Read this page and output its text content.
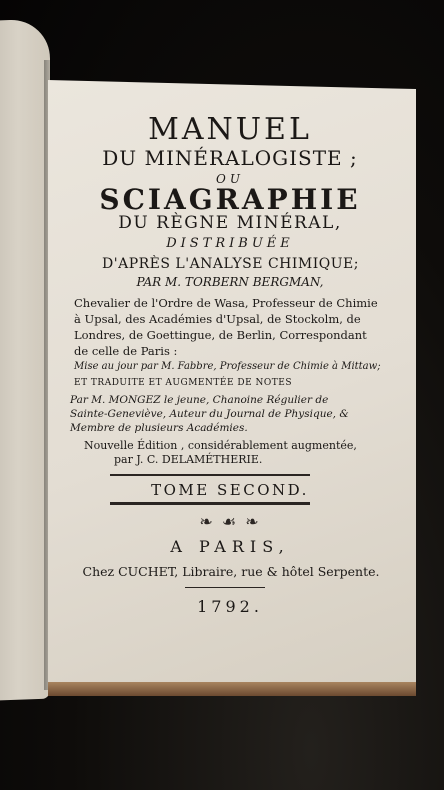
MANUEL
DU MINÉRALOGISTE ;
OU
SCIAGRAPHIE
DU RÈGNE MINÉRAL,
DISTRIBUÉE
D'APRÈS L'ANALYSE CHIMIQUE;
PAR M. TORBERN BERGMAN,
Chevalier de l'Ordre de Wasa, Professeur de Chimie
à Upsal, des Académies d'Upsal, de Stockolm, de
Londres, de Goettingue, de Berlin, Correspondant
de celle de Paris :
Mise au jour par M. Fabbre, Professeur de Chimie à Mittaw;
ET TRADUITE ET AUGMENTÉE DE NOTES
Par M. MONGEZ le jeune, Chanoine Régulier de
Sainte-Geneviève, Auteur du Journal de Physique, &
Membre de plusieurs Académies.
Nouvelle Édition , considérablement augmentée,
par J. C. DELAMÉTHERIE.
TOME SECOND.
❧ ☙ ❧
A PARIS,
Chez CUCHET, Libraire, rue & hôtel Serpente.
1792.
